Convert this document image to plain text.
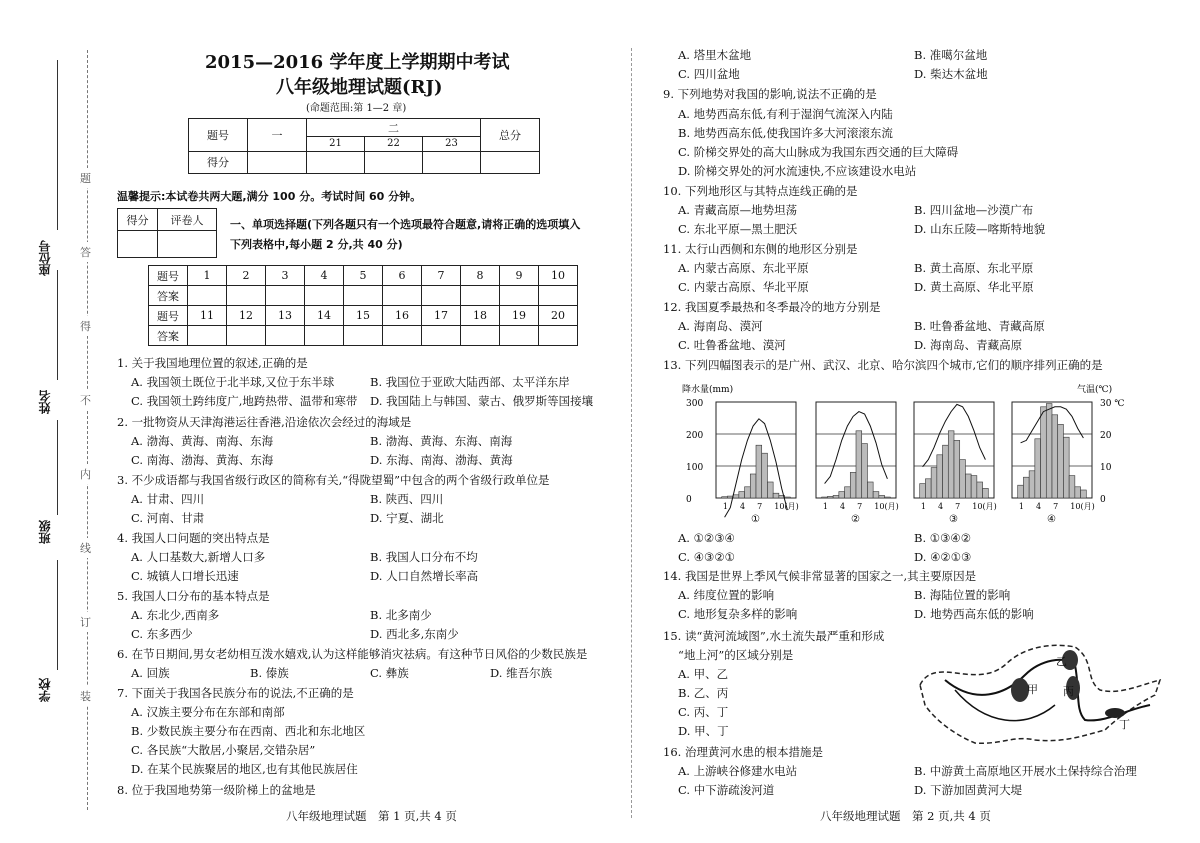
座位号
姓名
班级
学校
题
答
得
不
内
线
订
装
2015—2016 学年度上学期期中考试
八年级地理试题(RJ)
(命题范围:第 1—2 章)
题号	一	二			总分
		21	22	23	
得分					
温馨提示:本试卷共两大题,满分 100 分。考试时间 60 分钟。
得分	评卷人
	一、单项选择题(下列各题只有一个选项最符合题意,请将正确的选项填入
下列表格中,每小题 2 分,共 40 分)
题号	1	2	3	4	5	6	7	8	9	10
答案										
题号	11	12	13	14	15	16	17	18	19	20
答案										
1. 关于我国地理位置的叙述,正确的是
A. 我国领土既位于北半球,又位于东半球	B. 我国位于亚欧大陆西部、太平洋东岸
C. 我国领土跨纬度广,地跨热带、温带和寒带 D. 我国陆上与韩国、蒙古、俄罗斯等国接壤
2. 一批物资从天津海港运往香港,沿途依次会经过的海域是
A. 渤海、黄海、南海、东海	B. 渤海、黄海、东海、南海
C. 南海、渤海、黄海、东海	D. 东海、南海、渤海、黄海
3. 不少成语都与我国省级行政区的简称有关,“得陇望蜀”中包含的两个省级行政单位是
A. 甘肃、四川	B. 陕西、四川
C. 河南、甘肃	D. 宁夏、湖北
4. 我国人口问题的突出特点是
A. 人口基数大,新增人口多	B. 我国人口分布不均
C. 城镇人口增长迅速	D. 人口自然增长率高
5. 我国人口分布的基本特点是
A. 东北少,西南多	B. 北多南少
C. 东多西少	D. 西北多,东南少
6. 在节日期间,男女老幼相互泼水嬉戏,认为这样能够消灾祛病。有这种节日风俗的少数民族是
A. 回族	B. 傣族	C. 彝族	D. 维吾尔族
7. 下面关于我国各民族分布的说法,不正确的是
A. 汉族主要分布在东部和南部
B. 少数民族主要分布在西南、西北和东北地区
C. 各民族“大散居,小聚居,交错杂居”
D. 在某个民族聚居的地区,也有其他民族居住
8. 位于我国地势第一级阶梯上的盆地是
A. 塔里木盆地	B. 准噶尔盆地
C. 四川盆地	D. 柴达木盆地
9. 下列地势对我国的影响,说法不正确的是
A. 地势西高东低,有利于湿润气流深入内陆
B. 地势西高东低,使我国许多大河滚滚东流
C. 阶梯交界处的高大山脉成为我国东西交通的巨大障碍
D. 阶梯交界处的河水流速快,不应该建设水电站
10. 下列地形区与其特点连线正确的是
A. 青藏高原—地势坦荡	B. 四川盆地—沙漠广布
C. 东北平原—黑土肥沃	D. 山东丘陵—喀斯特地貌
11. 太行山西侧和东侧的地形区分别是
A. 内蒙古高原、东北平原	B. 黄土高原、东北平原
C. 内蒙古高原、华北平原	D. 黄土高原、华北平原
12. 我国夏季最热和冬季最冷的地方分别是
A. 海南岛、漠河	B. 吐鲁番盆地、青藏高原
C. 吐鲁番盆地、漠河	D. 海南岛、青藏高原
13. 下列四幅图表示的是广州、武汉、北京、哈尔滨四个城市,它们的顺序排列正确的是
A. ①②③④	B. ①③④②
C. ④③②①	D. ④②①③
14. 我国是世界上季风气候非常显著的国家之一,其主要原因是
A. 纬度位置的影响	B. 海陆位置的影响
C. 地形复杂多样的影响	D. 地势西高东低的影响
15. 读“黄河流域图”,水土流失最严重和形成
“地上河”的区域分别是
A. 甲、乙
B. 乙、丙
C. 丙、丁
D. 甲、丁
16. 治理黄河水患的根本措施是
A. 上游峡谷修建水电站	B. 中游黄土高原地区开展水土保持综合治理
C. 中下游疏浚河道	D. 下游加固黄河大堤
降水量(mm)	气温(℃)
300
200
100
0
30 ℃
20
10
0
1 4 7 10(月)
①
1 4 7 10(月)
②
1 4 7 10(月)
③
1 4 7 10(月)
④
甲
乙
丙
丁
八年级地理试题　第 1 页,共 4 页	八年级地理试题　第 2 页,共 4 页
